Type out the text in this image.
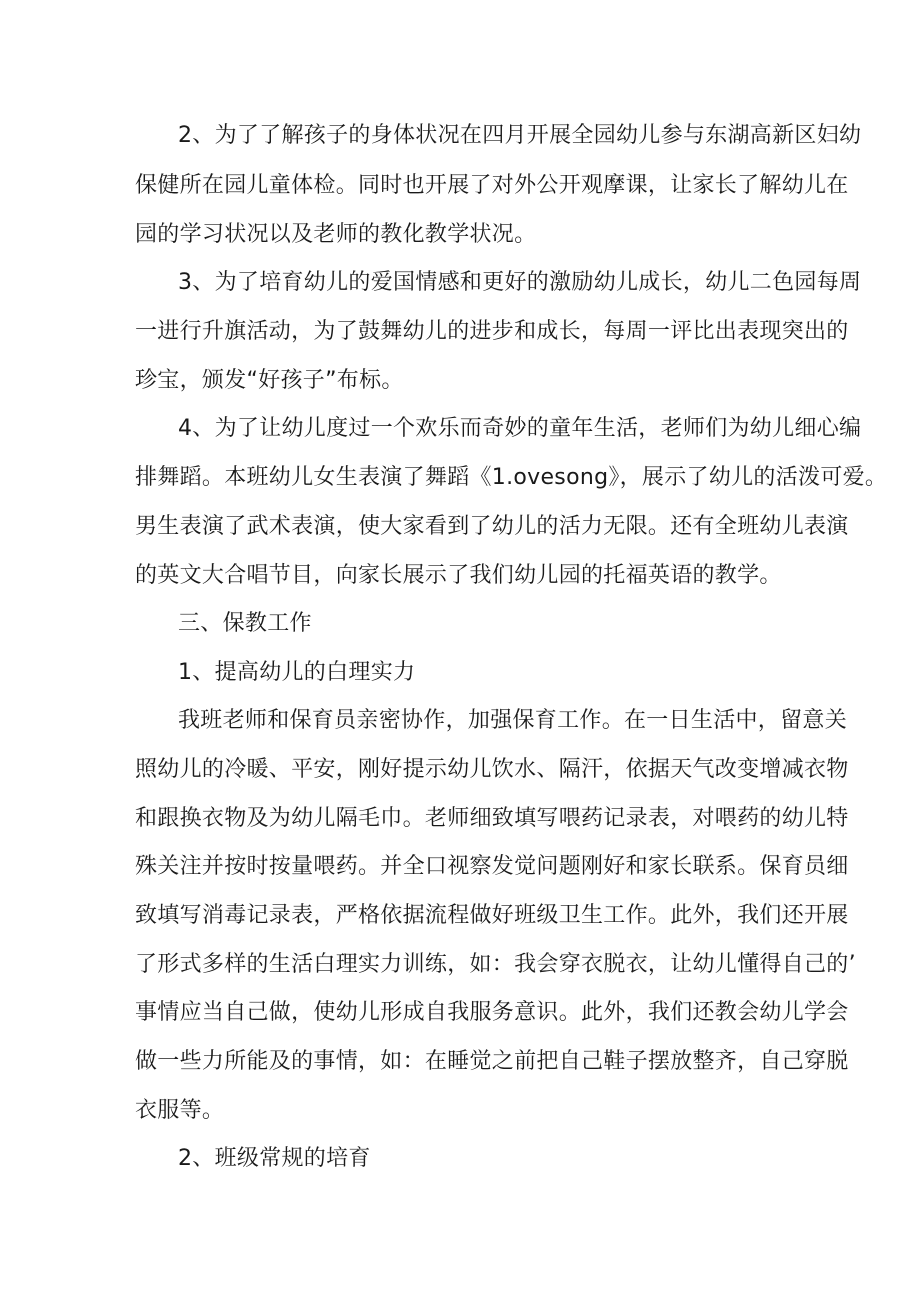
2、为了了解孩子的身体状况在四月开展全园幼儿参与东湖高新区妇幼
保健所在园儿童体检。同时也开展了对外公开观摩课，让家长了解幼儿在
园的学习状况以及老师的教化教学状况。
3、为了培育幼儿的爱国情感和更好的激励幼儿成长，幼儿二色园每周
一进行升旗活动，为了鼓舞幼儿的进步和成长，每周一评比出表现突出的
珍宝，颁发“好孩子”布标。
4、为了让幼儿度过一个欢乐而奇妙的童年生活，老师们为幼儿细心编
排舞蹈。本班幼儿女生表演了舞蹈《1.ovesong》，展示了幼儿的活泼可爱。
男生表演了武术表演，使大家看到了幼儿的活力无限。还有全班幼儿表演
的英文大合唱节目，向家长展示了我们幼儿园的托福英语的教学。
三、保教工作
1、提高幼儿的白理实力
我班老师和保育员亲密协作，加强保育工作。在一日生活中，留意关
照幼儿的冷暖、平安，刚好提示幼儿饮水、隔汗，依据天气改变增减衣物
和跟换衣物及为幼儿隔毛巾。老师细致填写喂药记录表，对喂药的幼儿特
殊关注并按时按量喂药。并全口视察发觉问题刚好和家长联系。保育员细
致填写消毒记录表，严格依据流程做好班级卫生工作。此外，我们还开展
了形式多样的生活白理实力训练，如：我会穿衣脱衣，让幼儿懂得自己的’
事情应当自己做，使幼儿形成自我服务意识。此外，我们还教会幼儿学会
做一些力所能及的事情，如：在睡觉之前把自己鞋子摆放整齐，自己穿脱
衣服等。
2、班级常规的培育
